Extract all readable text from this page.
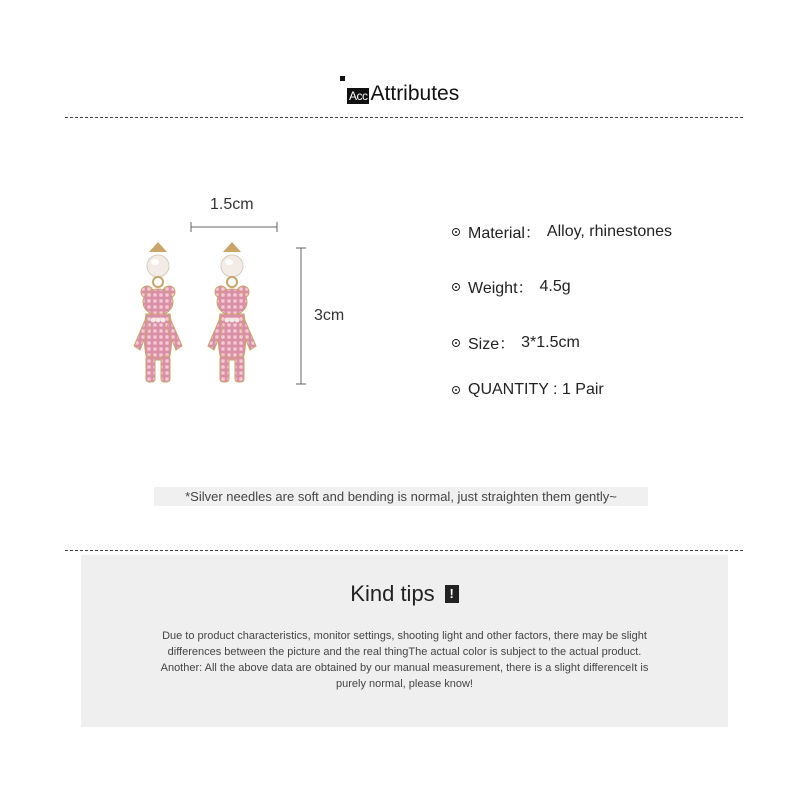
Acc Attributes
1.5cm
3cm
Material： Alloy, rhinestones
Weight： 4.5g
Size： 3*1.5cm
QUANTITY : 1 Pair
*Silver needles are soft and bending is normal, just straighten them gently~
Kind tips	!

Due to product characteristics, monitor settings, shooting light and other factors, there may be slight

differences between the picture and the real thingThe actual color is subject to the actual product.

Another: All the above data are obtained by our manual measurement, there is a slight differenceIt is

purely normal, please know!
